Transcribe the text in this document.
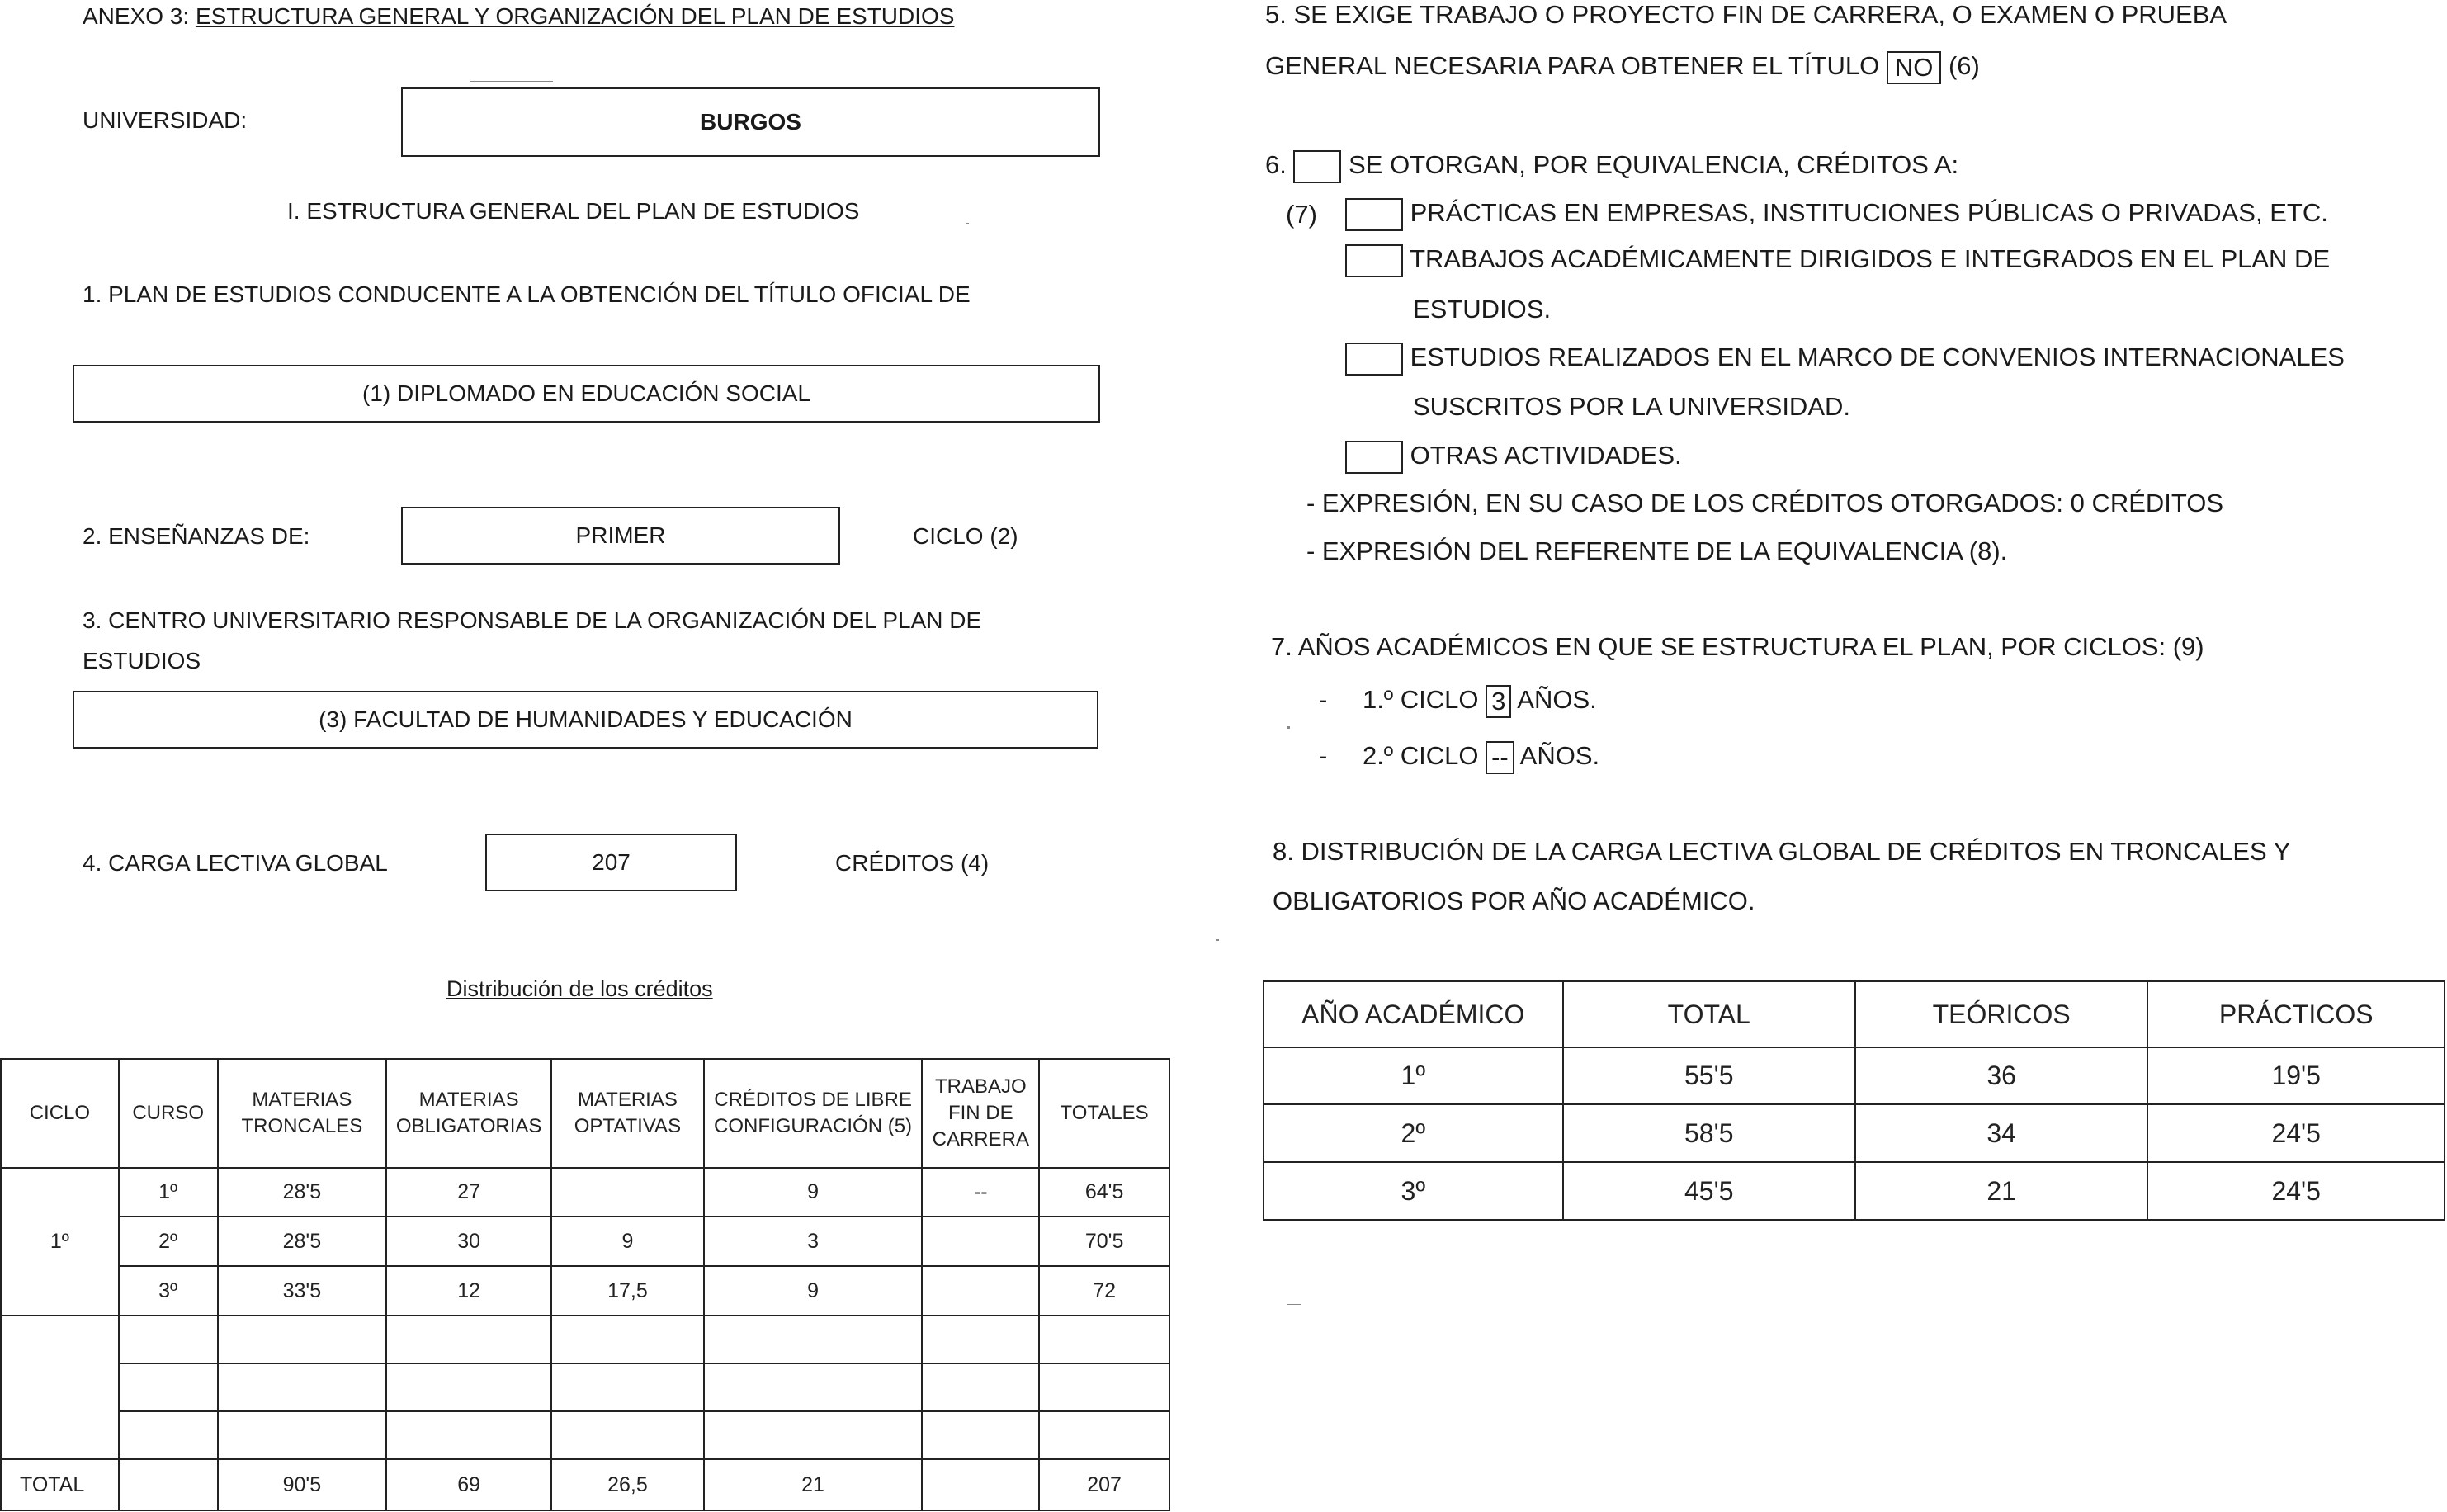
ANEXO 3: ESTRUCTURA GENERAL Y ORGANIZACIÓN DEL PLAN DE ESTUDIOS
UNIVERSIDAD:	BURGOS
I. ESTRUCTURA GENERAL DEL PLAN DE ESTUDIOS
1. PLAN DE ESTUDIOS CONDUCENTE A LA OBTENCIÓN DEL TÍTULO OFICIAL DE
(1) DIPLOMADO EN EDUCACIÓN SOCIAL
2. ENSEÑANZAS DE:	PRIMER	CICLO (2)
3. CENTRO UNIVERSITARIO RESPONSABLE DE LA ORGANIZACIÓN DEL PLAN DE
ESTUDIOS
(3) FACULTAD DE HUMANIDADES Y EDUCACIÓN
4. CARGA LECTIVA GLOBAL	207	CRÉDITOS (4)
Distribución de los créditos
CICLO	CURSO	MATERIAS TRONCALES	MATERIAS OBLIGATORIAS	MATERIAS OPTATIVAS	CRÉDITOS DE LIBRE CONFIGURACIÓN (5)	TRABAJO FIN DE CARRERA	TOTALES
1º	1º	28'5	27		9	--	64'5
	2º	28'5	30	9	3		70'5
	3º	33'5	12	17,5	9		72

TOTAL		90'5	69	26,5	21		207
5. SE EXIGE TRABAJO O PROYECTO FIN DE CARRERA, O EXAMEN O PRUEBA
GENERAL NECESARIA PARA OBTENER EL TÍTULO NO (6)
6. SE OTORGAN, POR EQUIVALENCIA, CRÉDITOS A:
(7)	PRÁCTICAS EN EMPRESAS, INSTITUCIONES PÚBLICAS O PRIVADAS, ETC.
TRABAJOS ACADÉMICAMENTE DIRIGIDOS E INTEGRADOS EN EL PLAN DE
ESTUDIOS.
ESTUDIOS REALIZADOS EN EL MARCO DE CONVENIOS INTERNACIONALES
SUSCRITOS POR LA UNIVERSIDAD.
OTRAS ACTIVIDADES.
- EXPRESIÓN, EN SU CASO DE LOS CRÉDITOS OTORGADOS: 0 CRÉDITOS
- EXPRESIÓN DEL REFERENTE DE LA EQUIVALENCIA (8).
7. AÑOS ACADÉMICOS EN QUE SE ESTRUCTURA EL PLAN, POR CICLOS: (9)
- 1.º CICLO 3 AÑOS.
- 2.º CICLO -- AÑOS.
8. DISTRIBUCIÓN DE LA CARGA LECTIVA GLOBAL DE CRÉDITOS EN TRONCALES Y
OBLIGATORIOS POR AÑO ACADÉMICO.
AÑO ACADÉMICO	TOTAL	TEÓRICOS	PRÁCTICOS
1º	55'5	36	19'5
2º	58'5	34	24'5
3º	45'5	21	24'5
